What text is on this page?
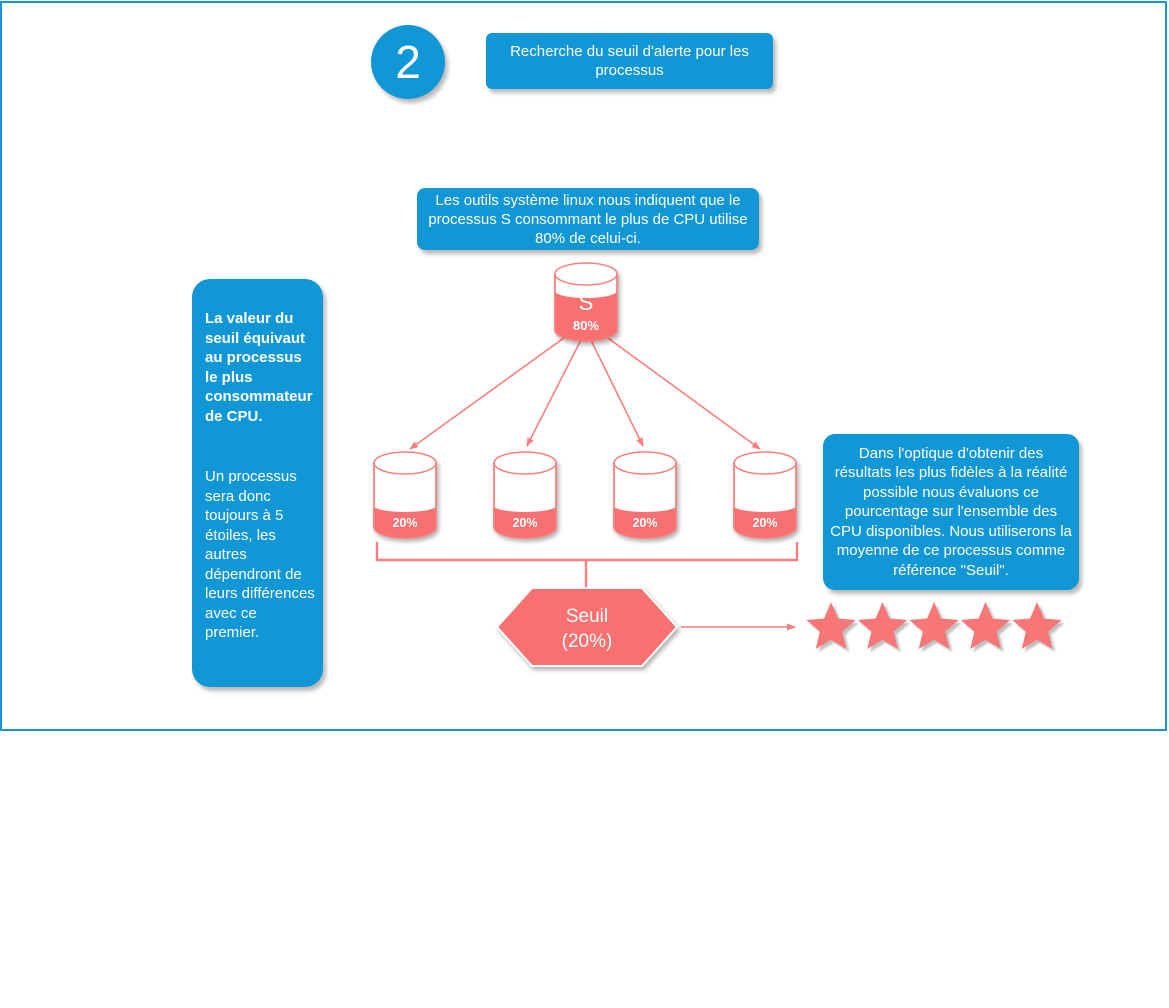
2	Recherche du seuil d'alerte pour les processus
Les outils système linux nous indiquent que le processus S consommant le plus de CPU utilise 80% de celui-ci.
La valeur du seuil équivaut au processus le plus consommateur de CPU.
Un processus sera donc toujours à 5 étoiles, les autres dépendront de leurs différences avec ce premier.
Dans l'optique d'obtenir des résultats les plus fidèles à la réalité possible nous évaluons ce pourcentage sur l'ensemble des CPU disponibles. Nous utiliserons la moyenne de ce processus comme référence "Seuil".
S
80%
20%	20%	20%	20%
Seuil
(20%)
